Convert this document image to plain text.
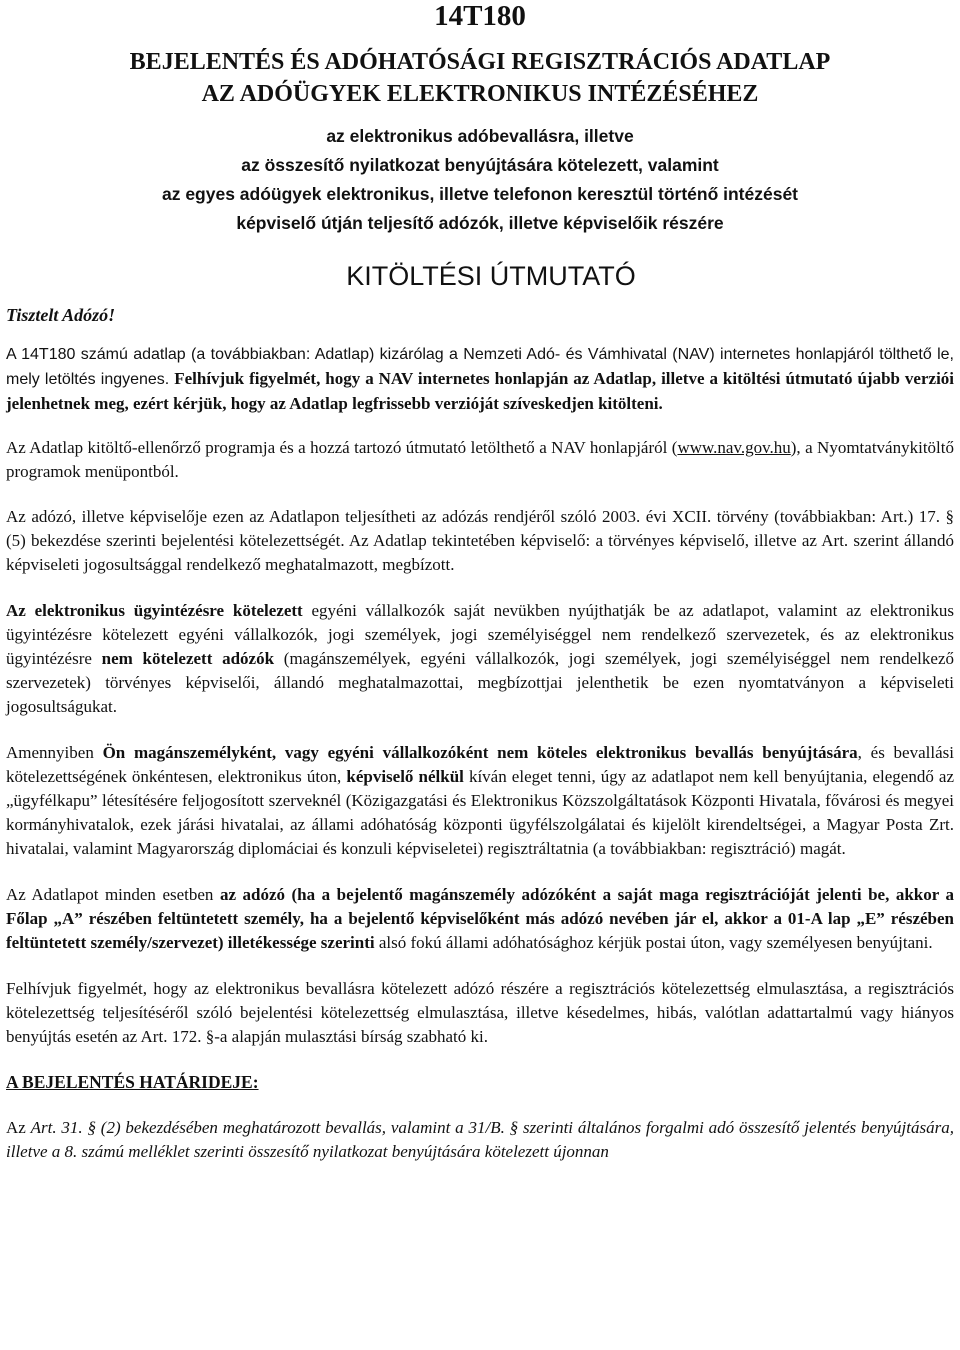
14T180
BEJELENTÉS ÉS ADÓHATÓSÁGI REGISZTRÁCIÓS ADATLAP
AZ ADÓÜGYEK ELEKTRONIKUS INTÉZÉSÉHEZ
az elektronikus adóbevallásra, illetve
az összesítő nyilatkozat benyújtására kötelezett, valamint
az egyes adóügyek elektronikus, illetve telefonon keresztül történő intézését
képviselő útján teljesítő adózók, illetve képviselőik részére
KITÖLTÉSI ÚTMUTATÓ
Tisztelt Adózó!

A 14T180 számú adatlap (a továbbiakban: Adatlap) kizárólag a Nemzeti Adó- és Vámhivatal (NAV) internetes honlapjáról tölthető le, mely letöltés ingyenes. Felhívjuk figyelmét, hogy a NAV internetes honlapján az Adatlap, illetve a kitöltési útmutató újabb verziói jelenhetnek meg, ezért kérjük, hogy az Adatlap legfrissebb verzióját szíveskedjen kitölteni.

Az Adatlap kitöltő-ellenőrző programja és a hozzá tartozó útmutató letölthető a NAV honlapjáról (www.nav.gov.hu), a Nyomtatványkitöltő programok menüpontból.

Az adózó, illetve képviselője ezen az Adatlapon teljesítheti az adózás rendjéről szóló 2003. évi XCII. törvény (továbbiakban: Art.) 17. § (5) bekezdése szerinti bejelentési kötelezettségét. Az Adatlap tekintetében képviselő: a törvényes képviselő, illetve az Art. szerint állandó képviseleti jogosultsággal rendelkező meghatalmazott, megbízott.

Az elektronikus ügyintézésre kötelezett egyéni vállalkozók saját nevükben nyújthatják be az adatlapot, valamint az elektronikus ügyintézésre kötelezett egyéni vállalkozók, jogi személyek, jogi személyiséggel nem rendelkező szervezetek, és az elektronikus ügyintézésre nem kötelezett adózók (magánszemélyek, egyéni vállalkozók, jogi személyek, jogi személyiséggel nem rendelkező szervezetek) törvényes képviselői, állandó meghatalmazottai, megbízottjai jelenthetik be ezen nyomtatványon a képviseleti jogosultságukat.

Amennyiben Ön magánszemélyként, vagy egyéni vállalkozóként nem köteles elektronikus bevallás benyújtására, és bevallási kötelezettségének önkéntesen, elektronikus úton, képviselő nélkül kíván eleget tenni, úgy az adatlapot nem kell benyújtania, elegendő az „ügyfélkapu” létesítésére feljogosított szerveknél (Közigazgatási és Elektronikus Közszolgáltatások Központi Hivatala, fővárosi és megyei kormányhivatalok, ezek járási hivatalai, az állami adóhatóság központi ügyfélszolgálatai és kijelölt kirendeltségei, a Magyar Posta Zrt. hivatalai, valamint Magyarország diplomáciai és konzuli képviseletei) regisztráltatnia (a továbbiakban: regisztráció) magát.

Az Adatlapot minden esetben az adózó (ha a bejelentő magánszemély adózóként a saját maga regisztrációját jelenti be, akkor a Főlap „A” részében feltüntetett személy, ha a bejelentő képviselőként más adózó nevében jár el, akkor a 01-A lap „E” részében feltüntetett személy/szervezet) illetékessége szerinti alsó fokú állami adóhatósághoz kérjük postai úton, vagy személyesen benyújtani.

Felhívjuk figyelmét, hogy az elektronikus bevallásra kötelezett adózó részére a regisztrációs kötelezettség elmulasztása, a regisztrációs kötelezettség teljesítéséről szóló bejelentési kötelezettség elmulasztása, illetve késedelmes, hibás, valótlan adattartalmú vagy hiányos benyújtás esetén az Art. 172. §-a alapján mulasztási bírság szabható ki.

A BEJELENTÉS HATÁRIDEJE:

Az Art. 31. § (2) bekezdésében meghatározott bevallás, valamint a 31/B. § szerinti általános forgalmi adó összesítő jelentés benyújtására, illetve a 8. számú melléklet szerinti összesítő nyilatkozat benyújtására kötelezett újonnan
